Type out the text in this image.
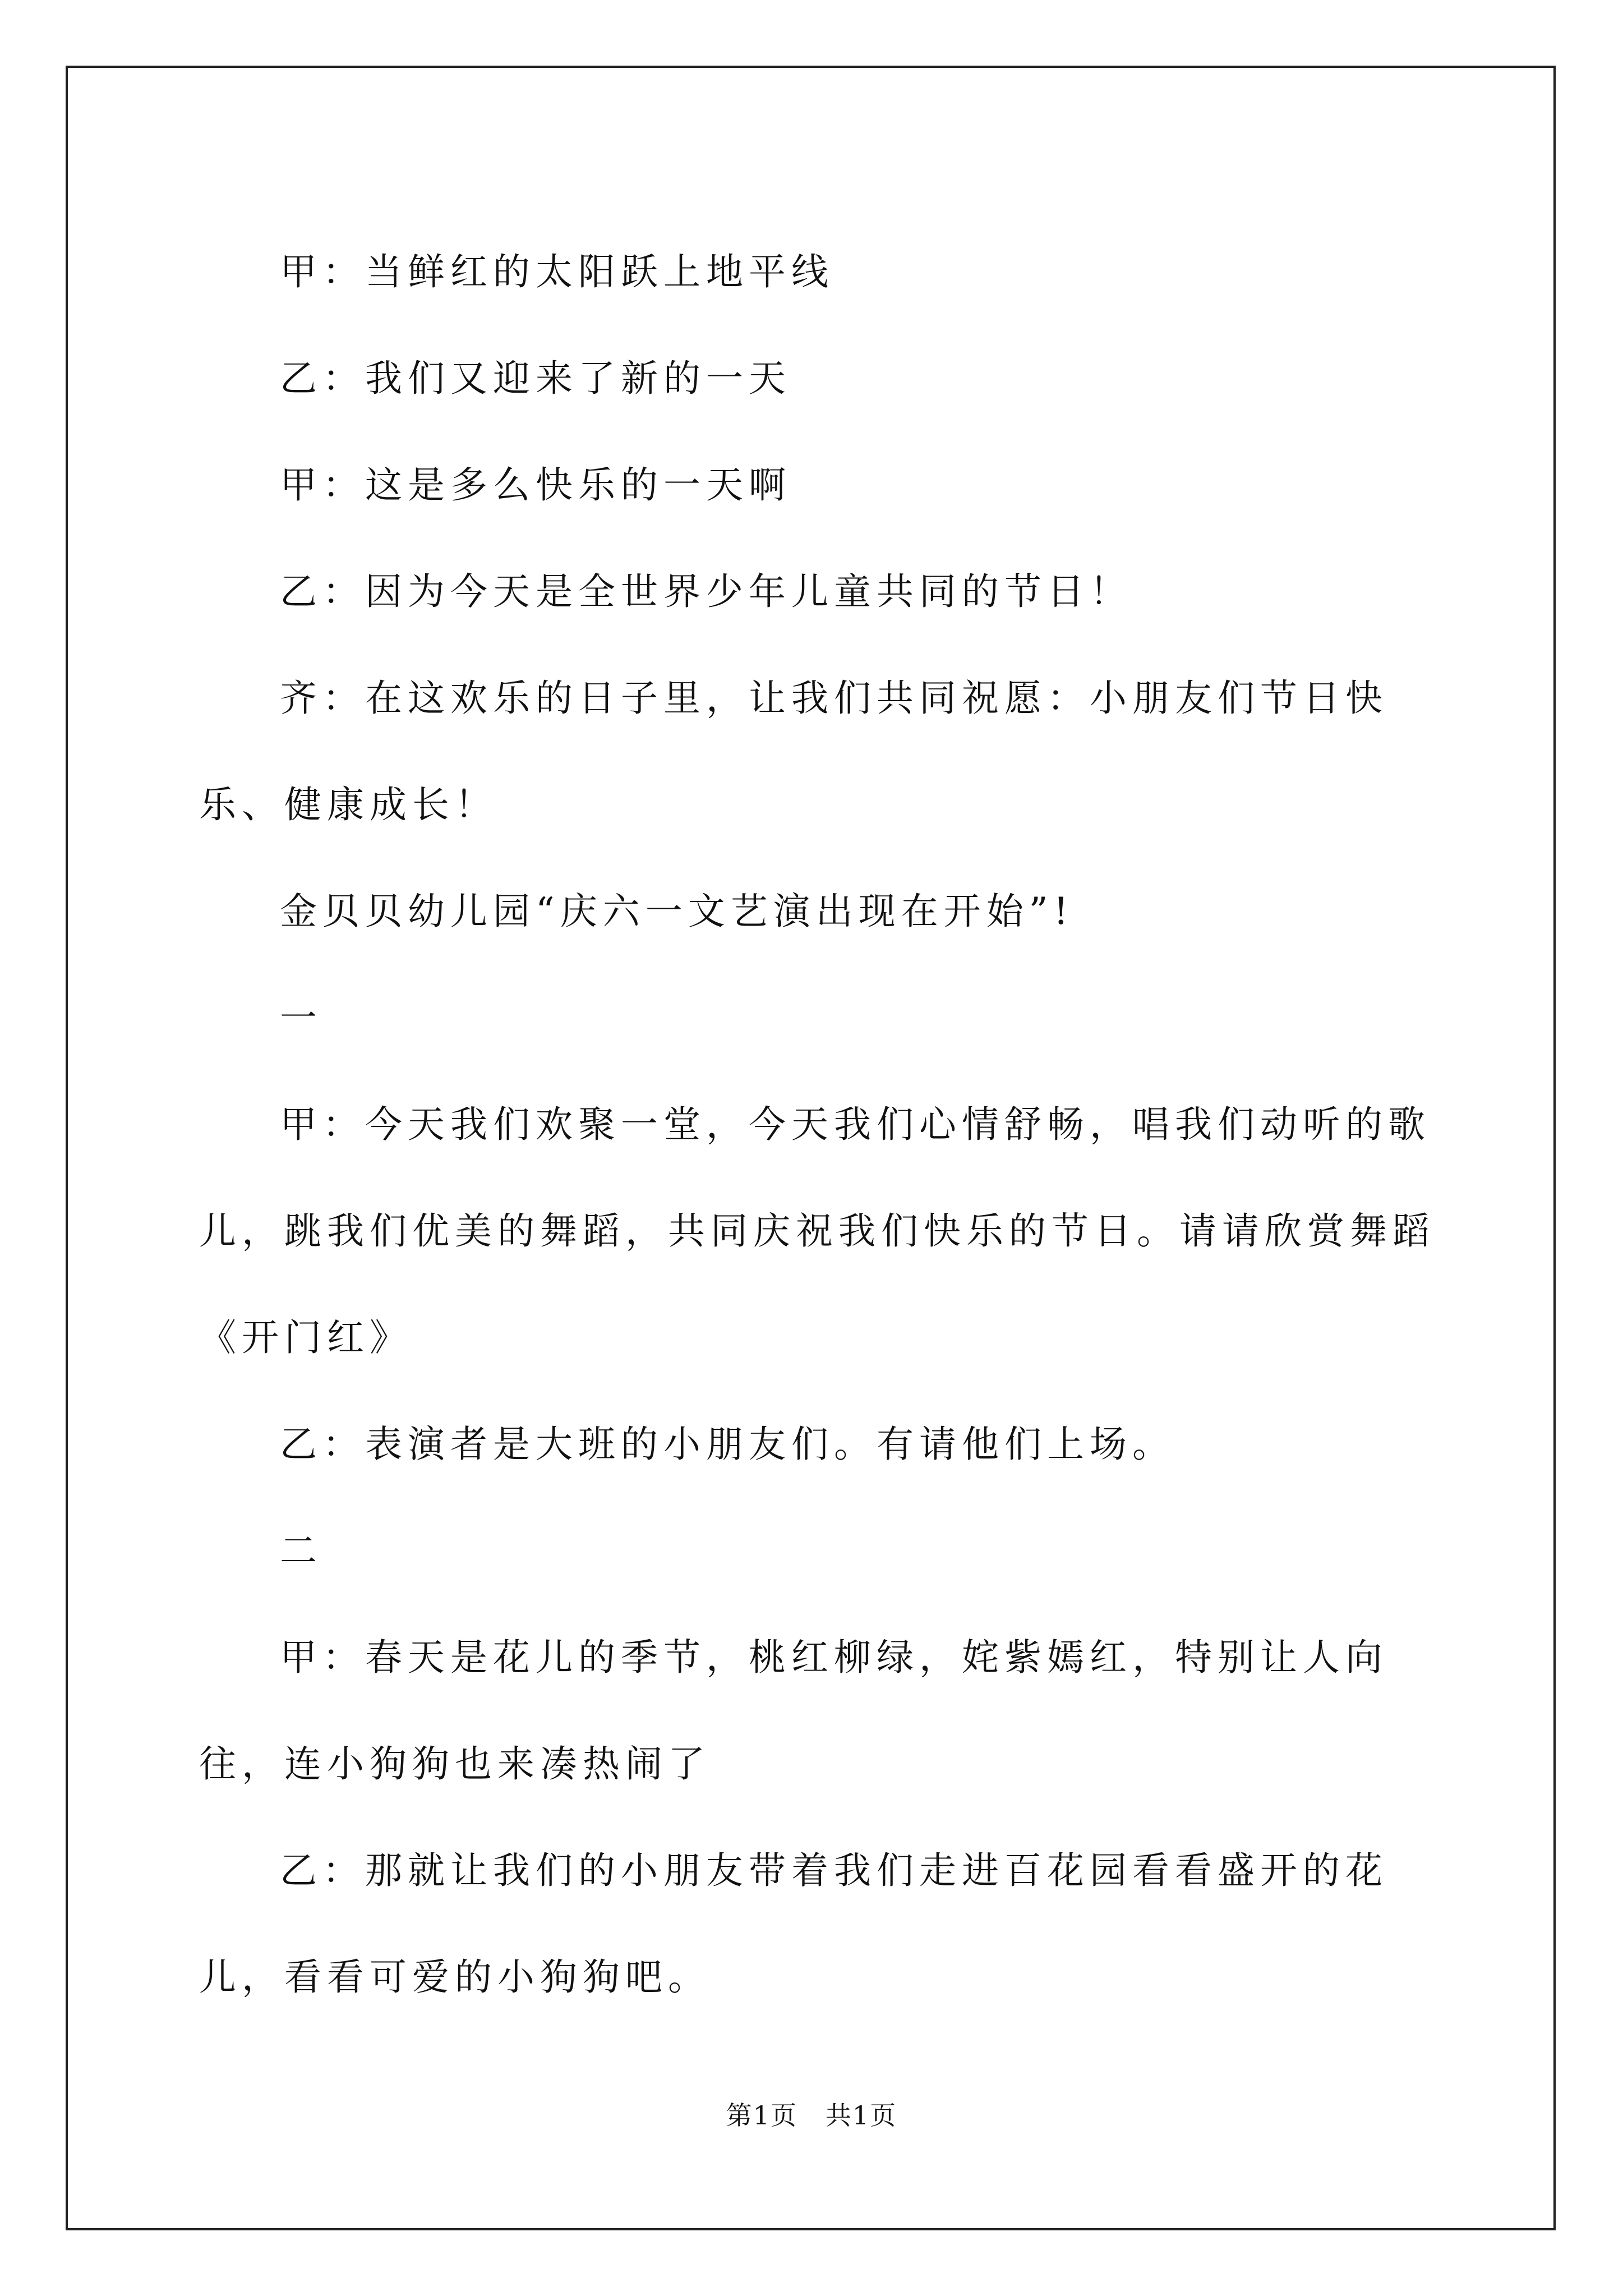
甲：当鲜红的太阳跃上地平线

乙：我们又迎来了新的一天

甲：这是多么快乐的一天啊

乙：因为今天是全世界少年儿童共同的节日！

齐：在这欢乐的日子里，让我们共同祝愿：小朋友们节日快乐、健康成长！

金贝贝幼儿园“庆六一文艺演出现在开始”!

一

甲：今天我们欢聚一堂，今天我们心情舒畅，唱我们动听的歌儿，跳我们优美的舞蹈，共同庆祝我们快乐的节日。请请欣赏舞蹈《开门红》

乙：表演者是大班的小朋友们。有请他们上场。

二

甲：春天是花儿的季节，桃红柳绿，姹紫嫣红，特别让人向往，连小狗狗也来凑热闹了

乙：那就让我们的小朋友带着我们走进百花园看看盛开的花儿，看看可爱的小狗狗吧。

第1页   共1页
